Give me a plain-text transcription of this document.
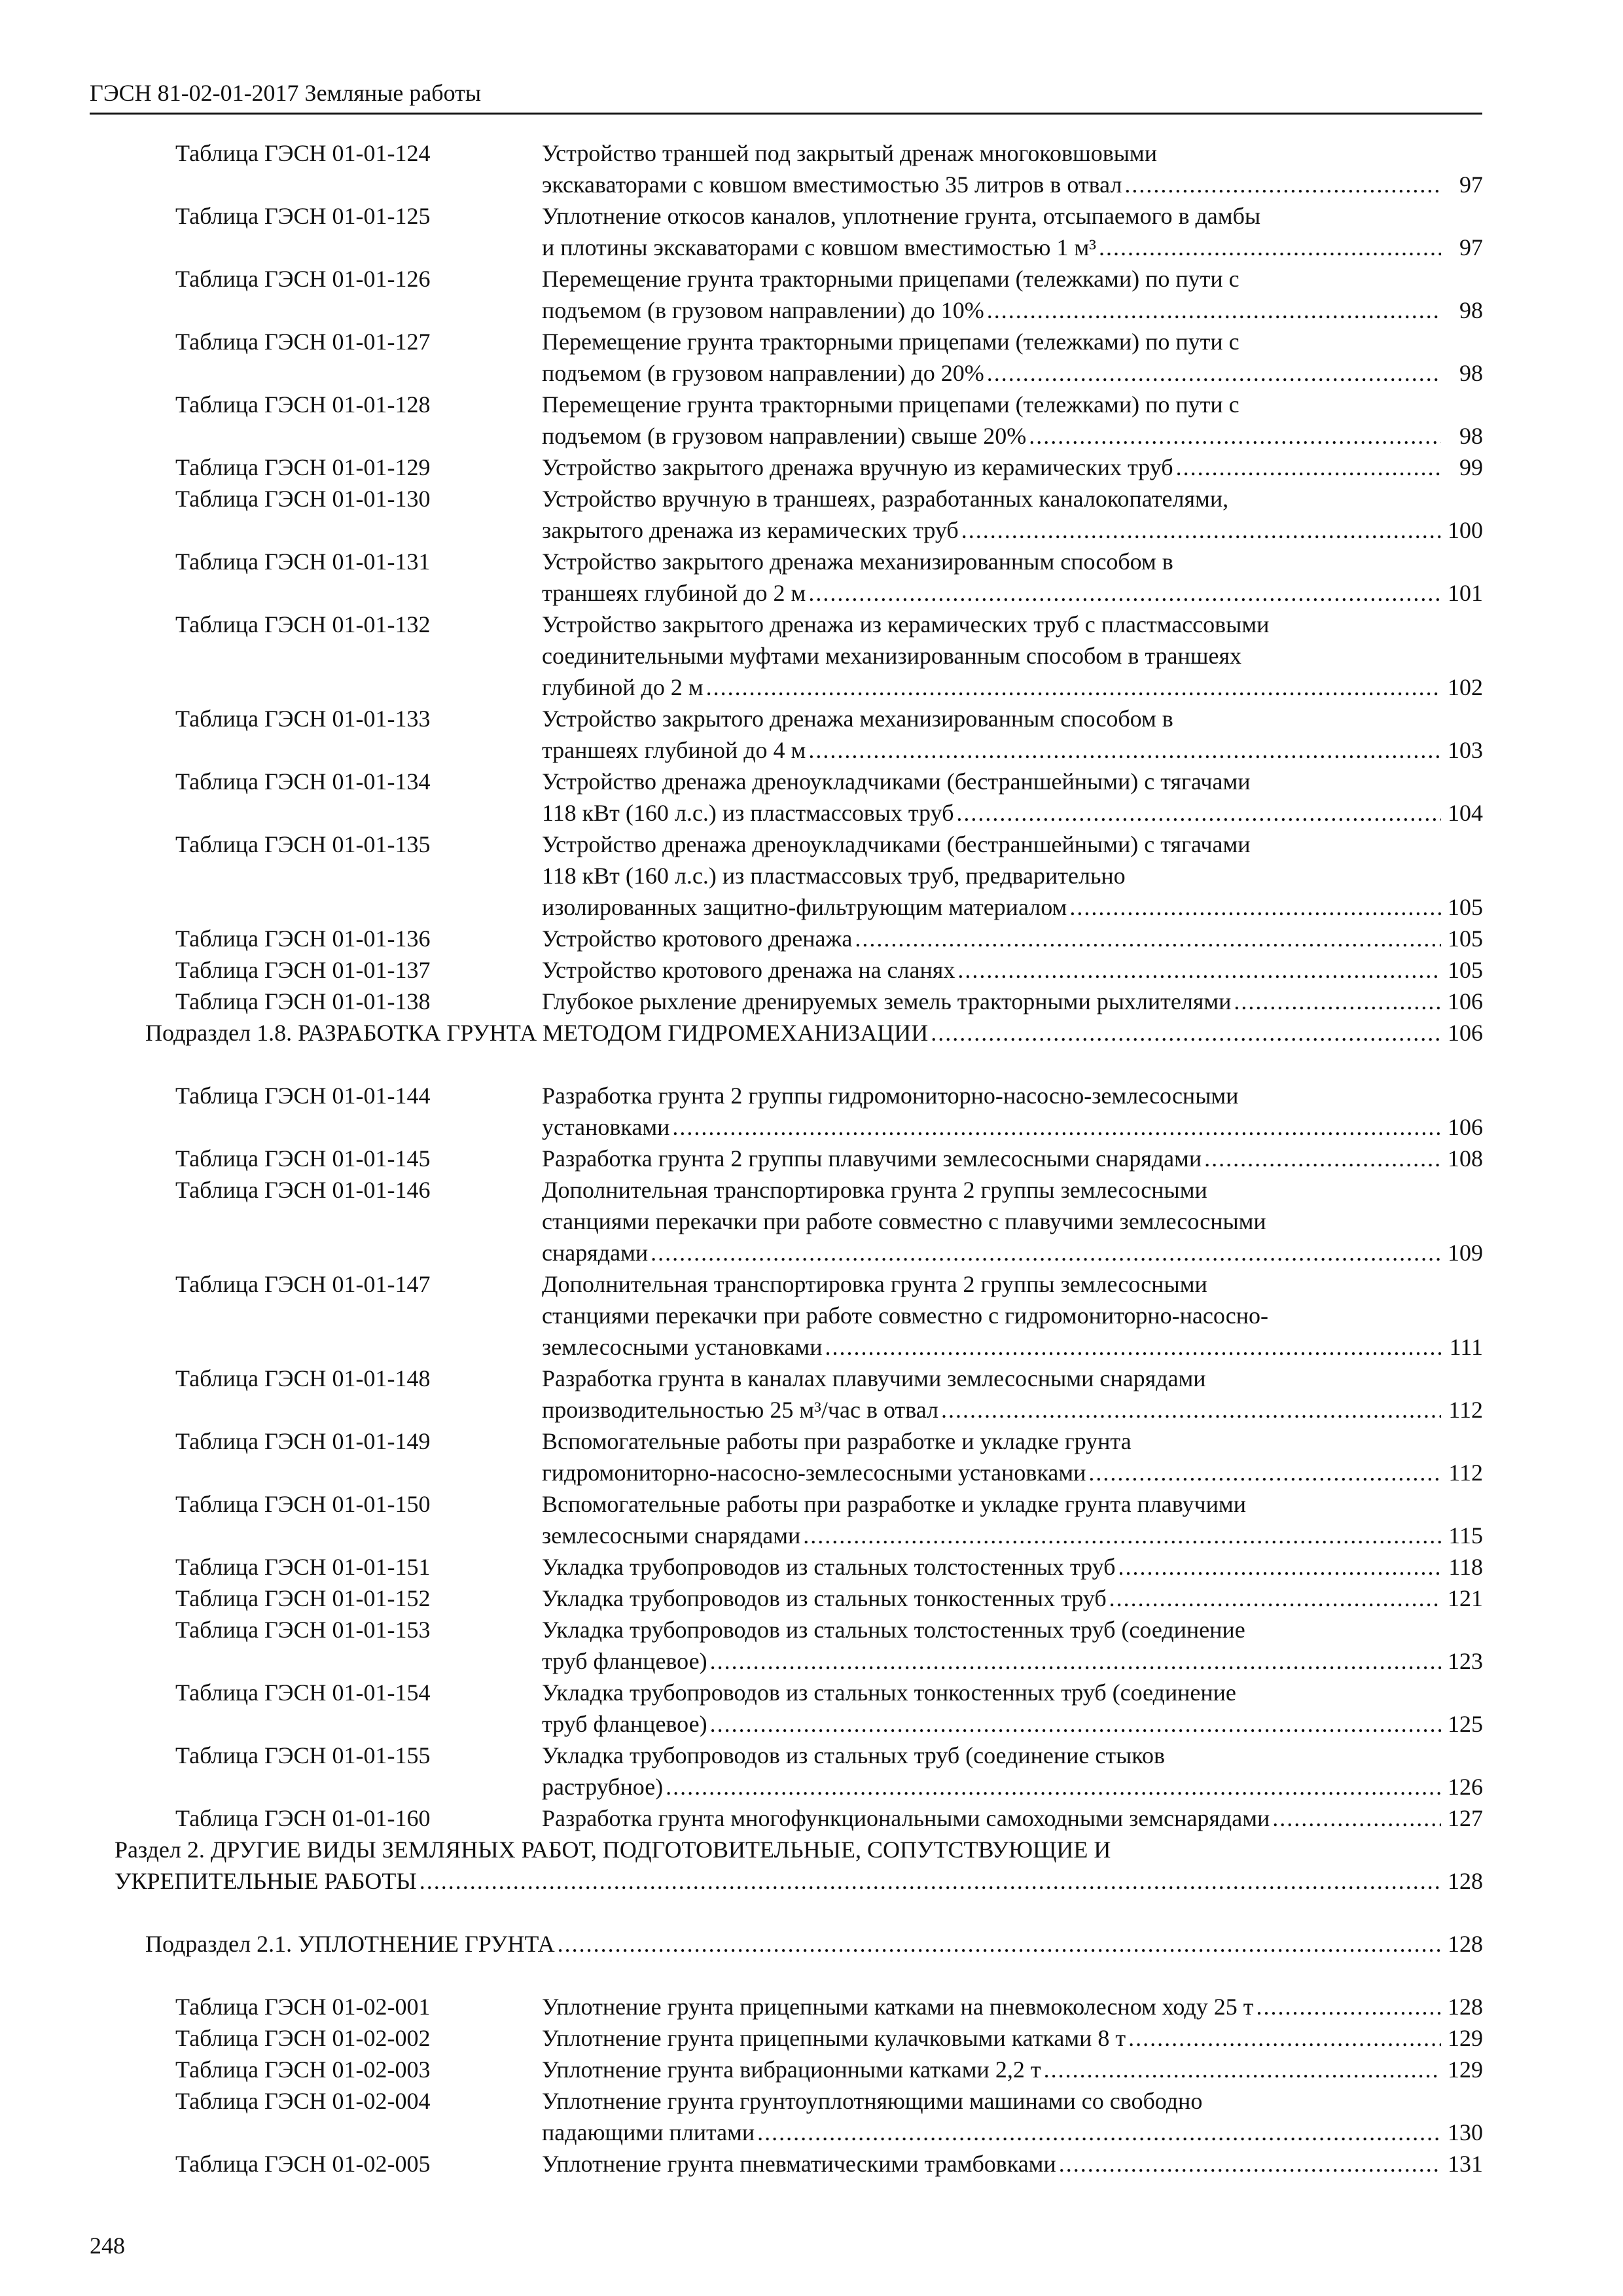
ГЭСН 81-02-01-2017 Земляные работы
Таблица ГЭСН 01-01-124	Устройство траншей под закрытый дренаж многоковшовыми
экскаваторами с ковшом вместимостью 35 литров в отвал .....	97
Таблица ГЭСН 01-01-125	Уплотнение откосов каналов, уплотнение грунта, отсыпаемого в дамбы
и плотины экскаваторами с ковшом вместимостью 1 м³ .....	97
Таблица ГЭСН 01-01-126	Перемещение грунта тракторными прицепами (тележками) по пути с
подъемом (в грузовом направлении) до 10% .....	98
Таблица ГЭСН 01-01-127	Перемещение грунта тракторными прицепами (тележками) по пути с
подъемом (в грузовом направлении) до 20% .....	98
Таблица ГЭСН 01-01-128	Перемещение грунта тракторными прицепами (тележками) по пути с
подъемом (в грузовом направлении) свыше 20% .....	98
Таблица ГЭСН 01-01-129	Устройство закрытого дренажа вручную из керамических труб .....	99
Таблица ГЭСН 01-01-130	Устройство вручную в траншеях, разработанных каналокопателями,
закрытого дренажа из керамических труб .....	100
Таблица ГЭСН 01-01-131	Устройство закрытого дренажа механизированным способом в
траншеях глубиной до 2 м .....	101
Таблица ГЭСН 01-01-132	Устройство закрытого дренажа из керамических труб с пластмассовыми
соединительными муфтами механизированным способом в траншеях
глубиной до 2 м .....	102
Таблица ГЭСН 01-01-133	Устройство закрытого дренажа механизированным способом в
траншеях глубиной до 4 м .....	103
Таблица ГЭСН 01-01-134	Устройство дренажа дреноукладчиками (бестраншейными) с тягачами
118 кВт (160 л.с.) из пластмассовых труб .....	104
Таблица ГЭСН 01-01-135	Устройство дренажа дреноукладчиками (бестраншейными) с тягачами
118 кВт (160 л.с.) из пластмассовых труб, предварительно
изолированных защитно-фильтрующим материалом .....	105
Таблица ГЭСН 01-01-136	Устройство кротового дренажа .....	105
Таблица ГЭСН 01-01-137	Устройство кротового дренажа на сланях .....	105
Таблица ГЭСН 01-01-138	Глубокое рыхление дренируемых земель тракторными рыхлителями .....	106
Подраздел 1.8. РАЗРАБОТКА ГРУНТА МЕТОДОМ ГИДРОМЕХАНИЗАЦИИ .....	106
Таблица ГЭСН 01-01-144	Разработка грунта 2 группы гидромониторно-насосно-землесосными
установками .....	106
Таблица ГЭСН 01-01-145	Разработка грунта 2 группы плавучими землесосными снарядами .....	108
Таблица ГЭСН 01-01-146	Дополнительная транспортировка грунта 2 группы землесосными
станциями перекачки при работе совместно с плавучими землесосными
снарядами .....	109
Таблица ГЭСН 01-01-147	Дополнительная транспортировка грунта 2 группы землесосными
станциями перекачки при работе совместно с гидромониторно-насосно-
землесосными установками .....	111
Таблица ГЭСН 01-01-148	Разработка грунта в каналах плавучими землесосными снарядами
производительностью 25 м³/час в отвал .....	112
Таблица ГЭСН 01-01-149	Вспомогательные работы при разработке и укладке грунта
гидромониторно-насосно-землесосными установками .....	112
Таблица ГЭСН 01-01-150	Вспомогательные работы при разработке и укладке грунта плавучими
землесосными снарядами .....	115
Таблица ГЭСН 01-01-151	Укладка трубопроводов из стальных толстостенных труб .....	118
Таблица ГЭСН 01-01-152	Укладка трубопроводов из стальных тонкостенных труб .....	121
Таблица ГЭСН 01-01-153	Укладка трубопроводов из стальных толстостенных труб (соединение
труб фланцевое) .....	123
Таблица ГЭСН 01-01-154	Укладка трубопроводов из стальных тонкостенных труб (соединение
труб фланцевое) .....	125
Таблица ГЭСН 01-01-155	Укладка трубопроводов из стальных труб (соединение стыков
раструбное) .....	126
Таблица ГЭСН 01-01-160	Разработка грунта многофункциональными самоходными земснарядами .....	127
Раздел 2. ДРУГИЕ ВИДЫ ЗЕМЛЯНЫХ РАБОТ, ПОДГОТОВИТЕЛЬНЫЕ, СОПУТСТВУЮЩИЕ И
УКРЕПИТЕЛЬНЫЕ РАБОТЫ .....	128
Подраздел 2.1. УПЛОТНЕНИЕ ГРУНТА .....	128
Таблица ГЭСН 01-02-001	Уплотнение грунта прицепными катками на пневмоколесном ходу 25 т .....	128
Таблица ГЭСН 01-02-002	Уплотнение грунта прицепными кулачковыми катками 8 т .....	129
Таблица ГЭСН 01-02-003	Уплотнение грунта вибрационными катками 2,2 т .....	129
Таблица ГЭСН 01-02-004	Уплотнение грунта грунтоуплотняющими машинами со свободно
падающими плитами .....	130
Таблица ГЭСН 01-02-005	Уплотнение грунта пневматическими трамбовками .....	131
248
